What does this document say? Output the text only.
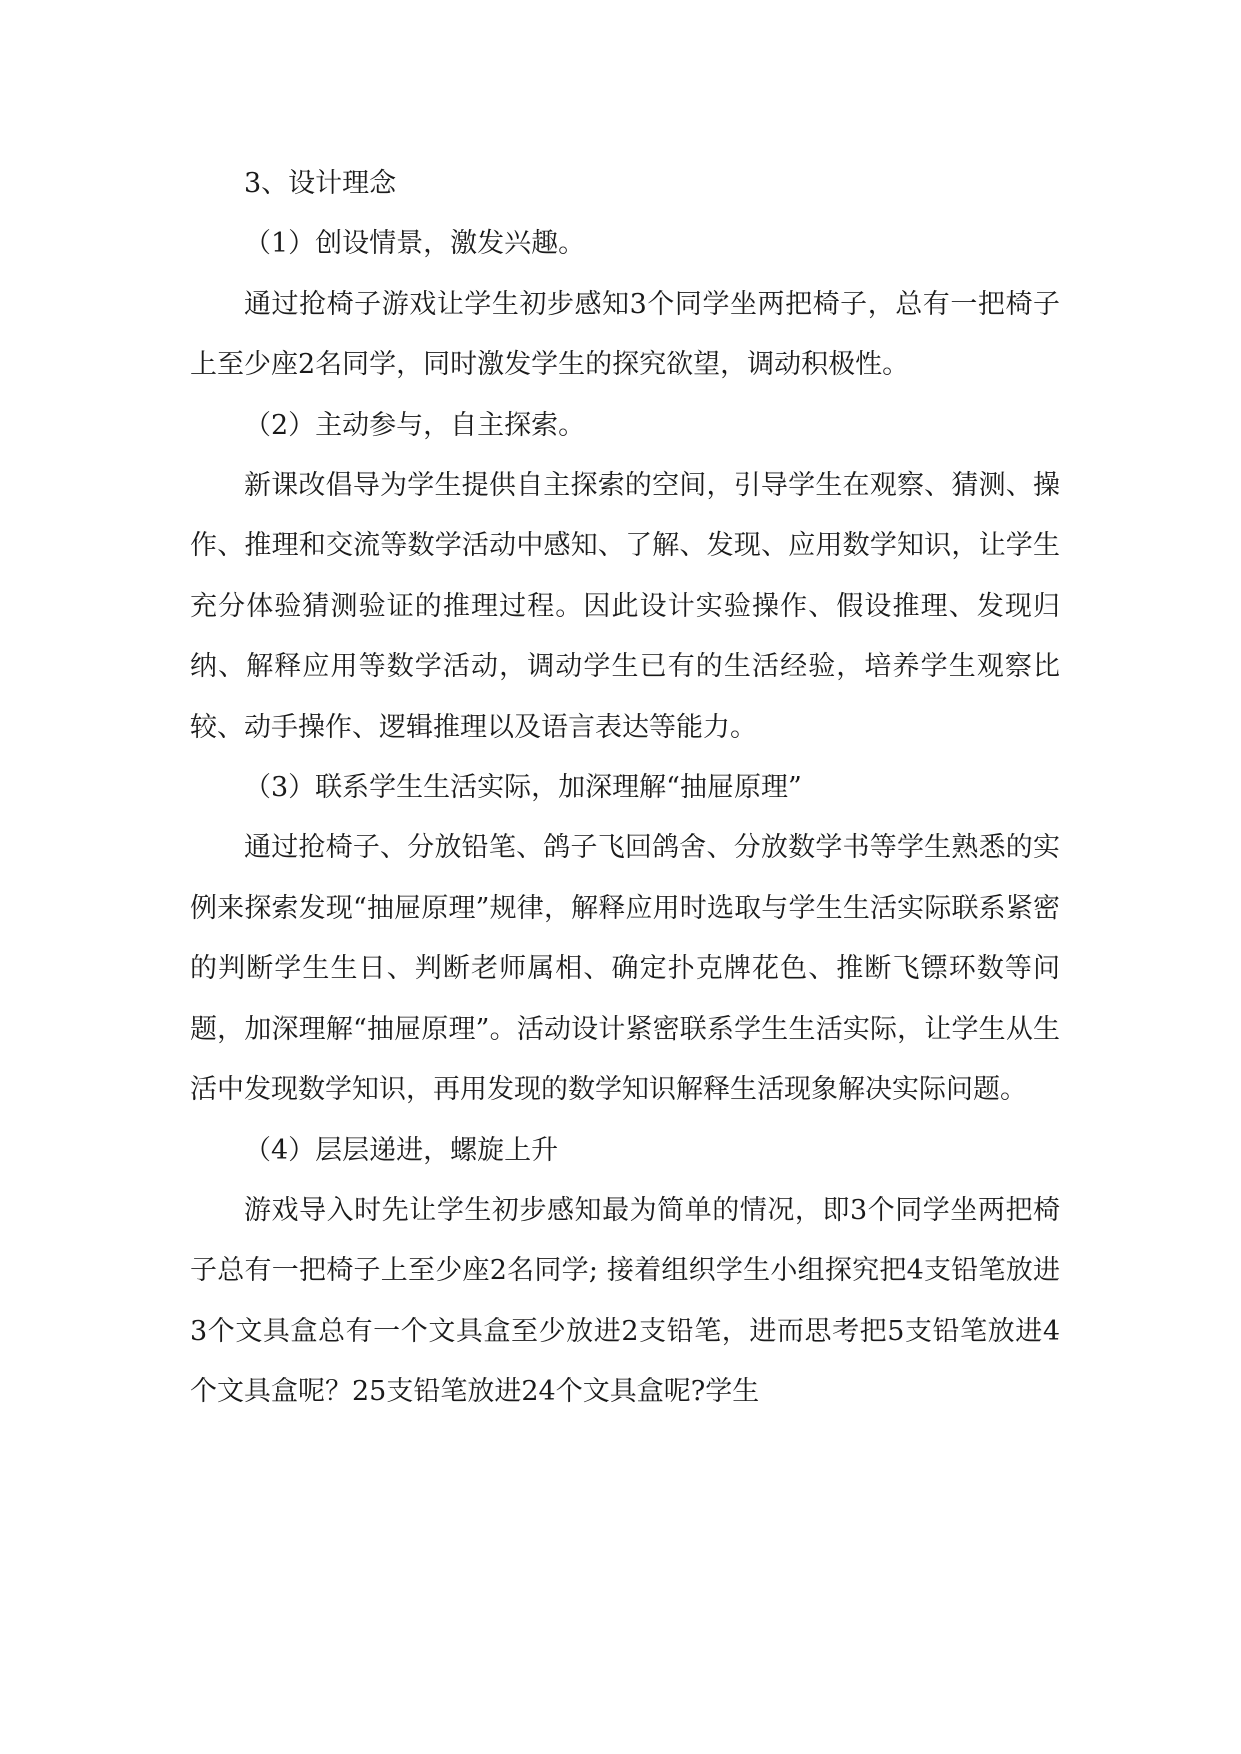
3、设计理念

（1）创设情景，激发兴趣。

通过抢椅子游戏让学生初步感知3个同学坐两把椅子，总有一把椅子上至少座2名同学，同时激发学生的探究欲望，调动积极性。

（2）主动参与，自主探索。

新课改倡导为学生提供自主探索的空间，引导学生在观察、猜测、操作、推理和交流等数学活动中感知、了解、发现、应用数学知识，让学生充分体验猜测验证的推理过程。因此设计实验操作、假设推理、发现归纳、解释应用等数学活动，调动学生已有的生活经验，培养学生观察比较、动手操作、逻辑推理以及语言表达等能力。

（3）联系学生生活实际，加深理解“抽屉原理”

通过抢椅子、分放铅笔、鸽子飞回鸽舍、分放数学书等学生熟悉的实例来探索发现“抽屉原理”规律，解释应用时选取与学生生活实际联系紧密的判断学生生日、判断老师属相、确定扑克牌花色、推断飞镖环数等问题，加深理解“抽屉原理”。活动设计紧密联系学生生活实际，让学生从生活中发现数学知识，再用发现的数学知识解释生活现象解决实际问题。

（4）层层递进，螺旋上升

游戏导入时先让学生初步感知最为简单的情况，即3个同学坐两把椅子总有一把椅子上至少座2名同学; 接着组织学生小组探究把4支铅笔放进3个文具盒总有一个文具盒至少放进2支铅笔，进而思考把5支铅笔放进4个文具盒呢？25支铅笔放进24个文具盒呢?学生
